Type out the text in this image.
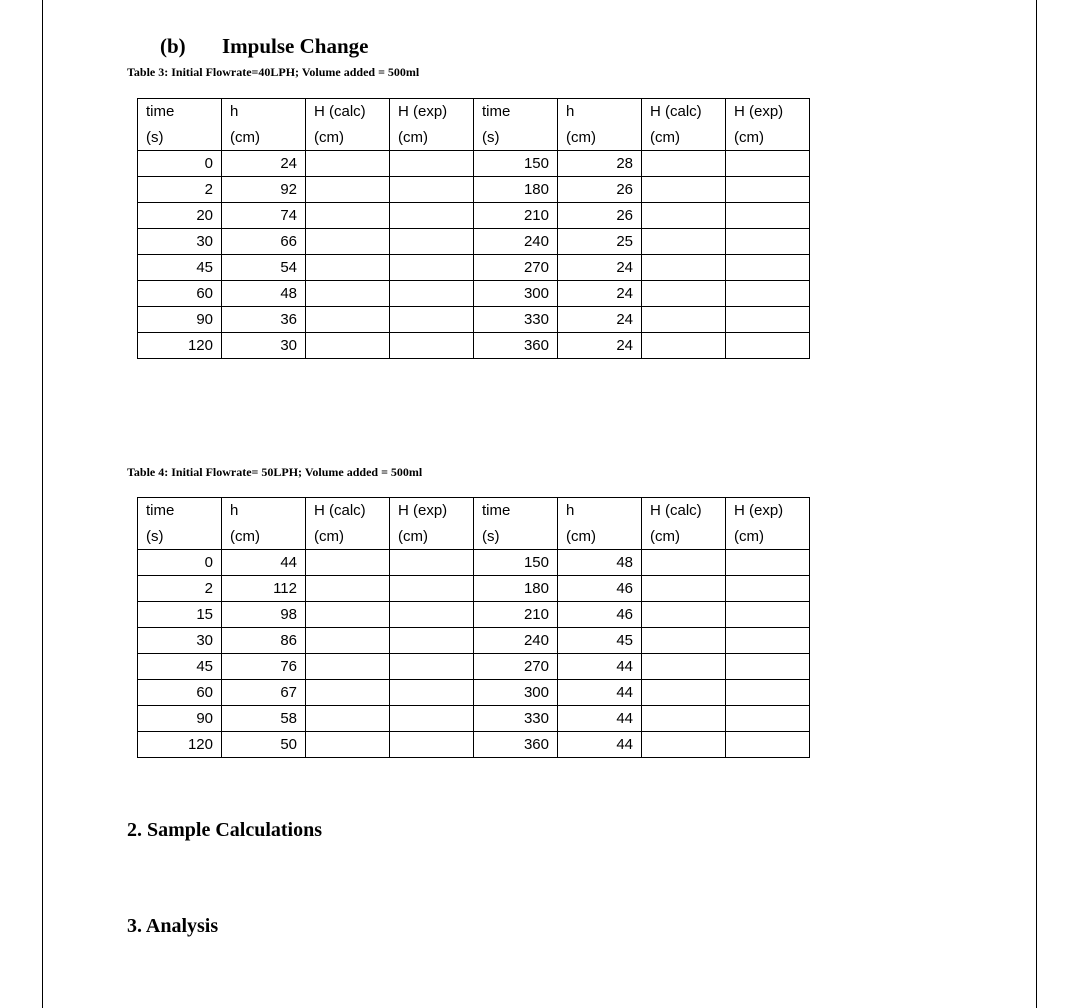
(b) Impulse Change
Table 3: Initial Flowrate=40LPH; Volume added = 500ml
time	h	H (calc)	H (exp)	time	h	H (calc)	H (exp)
(s)	(cm)	(cm)	(cm)	(s)	(cm)	(cm)	(cm)
0	24			150	28		
2	92			180	26		
20	74			210	26		
30	66			240	25		
45	54			270	24		
60	48			300	24		
90	36			330	24		
120	30			360	24		
Table 4: Initial Flowrate= 50LPH; Volume added = 500ml
time	h	H (calc)	H (exp)	time	h	H (calc)	H (exp)
(s)	(cm)	(cm)	(cm)	(s)	(cm)	(cm)	(cm)
0	44			150	48		
2	112			180	46		
15	98			210	46		
30	86			240	45		
45	76			270	44		
60	67			300	44		
90	58			330	44		
120	50			360	44		
2. Sample Calculations
3. Analysis
